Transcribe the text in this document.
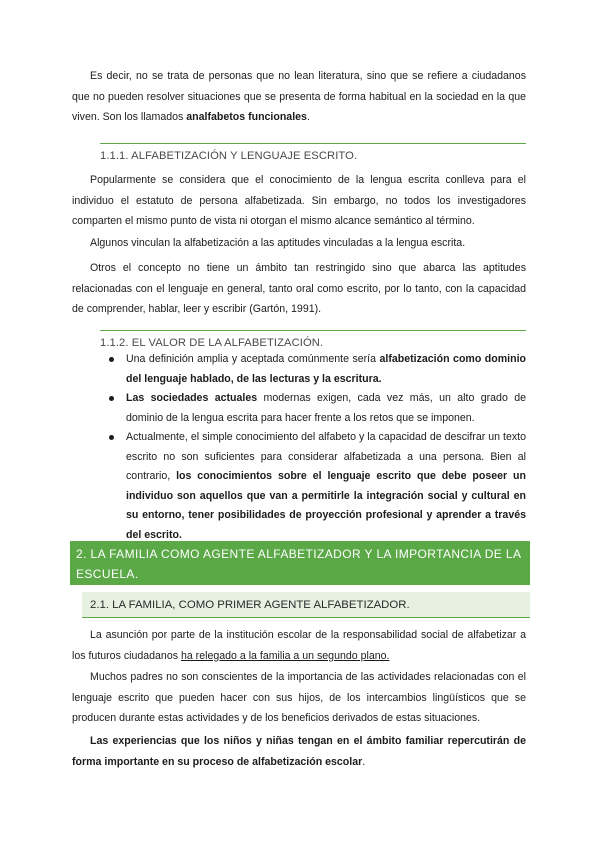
Es decir, no se trata de personas que no lean literatura, sino que se refiere a ciudadanos que no pueden resolver situaciones que se presenta de forma habitual en la sociedad en la que viven. Son los llamados analfabetos funcionales.

1.1.1. ALFABETIZACIÓN Y LENGUAJE ESCRITO.

Popularmente se considera que el conocimiento de la lengua escrita conlleva para el individuo el estatuto de persona alfabetizada. Sin embargo, no todos los investigadores comparten el mismo punto de vista ni otorgan el mismo alcance semántico al término.

Algunos vinculan la alfabetización a las aptitudes vinculadas a la lengua escrita.

Otros el concepto no tiene un ámbito tan restringido sino que abarca las aptitudes relacionadas con el lenguaje en general, tanto oral como escrito, por lo tanto, con la capacidad de comprender, hablar, leer y escribir (Gartón, 1991).

1.1.2. EL VALOR DE LA ALFABETIZACIÓN.
Una definición amplia y aceptada comúnmente sería alfabetización como dominio del lenguaje hablado, de las lecturas y la escritura.
Las sociedades actuales modernas exigen, cada vez más, un alto grado de dominio de la lengua escrita para hacer frente a los retos que se imponen.
Actualmente, el simple conocimiento del alfabeto y la capacidad de descifrar un texto escrito no son suficientes para considerar alfabetizada a una persona. Bien al contrario, los conocimientos sobre el lenguaje escrito que debe poseer un individuo son aquellos que van a permitirle la integración social y cultural en su entorno, tener posibilidades de proyección profesional y aprender a través del escrito.
2. LA FAMILIA COMO AGENTE ALFABETIZADOR Y LA IMPORTANCIA DE LA ESCUELA.
2.1. LA FAMILIA, COMO PRIMER AGENTE ALFABETIZADOR.

La asunción por parte de la institución escolar de la responsabilidad social de alfabetizar a los futuros ciudadanos ha relegado a la familia a un segundo plano.

Muchos padres no son conscientes de la importancia de las actividades relacionadas con el lenguaje escrito que pueden hacer con sus hijos, de los intercambios lingüísticos que se producen durante estas actividades y de los beneficios derivados de estas situaciones.

Las experiencias que los niños y niñas tengan en el ámbito familiar repercutirán de forma importante en su proceso de alfabetización escolar.
